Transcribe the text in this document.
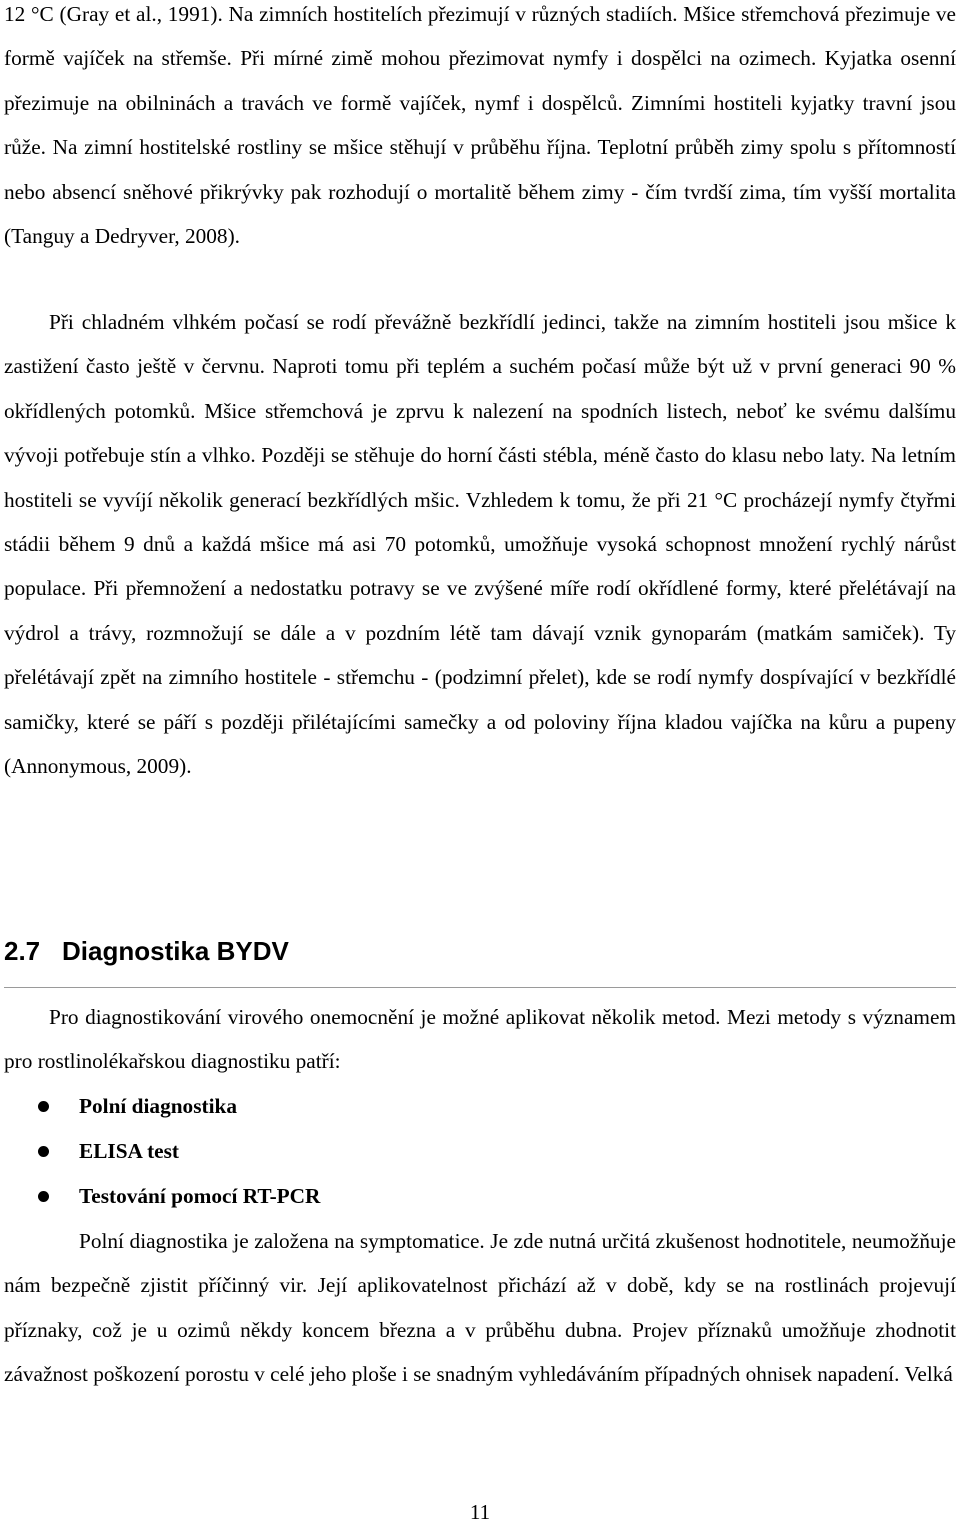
12 °C (Gray et al., 1991). Na zimních hostitelích přezimují v různých stadiích. Mšice střemchová přezimuje ve formě vajíček na střemše. Při mírné zimě mohou přezimovat nymfy i dospělci na ozimech. Kyjatka osenní přezimuje na obilninách a travách ve formě vajíček, nymf i dospělců. Zimními hostiteli kyjatky travní jsou růže. Na zimní hostitelské rostliny se mšice stěhují v průběhu října. Teplotní průběh zimy spolu s přítomností nebo absencí sněhové přikrývky pak rozhodují o mortalitě během zimy - čím tvrdší zima, tím vyšší mortalita (Tanguy a Dedryver, 2008).

Při chladném vlhkém počasí se rodí převážně bezkřídlí jedinci, takže na zimním hostiteli jsou mšice k zastižení často ještě v červnu. Naproti tomu při teplém a suchém počasí může být už v první generaci 90 % okřídlených potomků. Mšice střemchová je zprvu k nalezení na spodních listech, neboť ke svému dalšímu vývoji potřebuje stín a vlhko. Později se stěhuje do horní části stébla, méně často do klasu nebo laty. Na letním hostiteli se vyvíjí několik generací bezkřídlých mšic. Vzhledem k tomu, že při 21 °C procházejí nymfy čtyřmi stádii během 9 dnů a každá mšice má asi 70 potomků, umožňuje vysoká schopnost množení rychlý nárůst populace. Při přemnožení a nedostatku potravy se ve zvýšené míře rodí okřídlené formy, které přelétávají na výdrol a trávy, rozmnožují se dále a v pozdním létě tam dávají vznik gynoparám (matkám samiček). Ty přelétávají zpět na zimního hostitele - střemchu - (podzimní přelet), kde se rodí nymfy dospívající v bezkřídlé samičky, které se páří s později přilétajícími samečky a od poloviny října kladou vajíčka na kůru a pupeny (Annonymous, 2009).

2.7 Diagnostika BYDV

Pro diagnostikování virového onemocnění je možné aplikovat několik metod. Mezi metody s významem pro rostlinolékařskou diagnostiku patří:

Polní diagnostika
ELISA test
Testování pomocí RT-PCR

Polní diagnostika je založena na symptomatice. Je zde nutná určitá zkušenost hodnotitele, neumožňuje nám bezpečně zjistit příčinný vir. Její aplikovatelnost přichází až v době, kdy se na rostlinách projevují příznaky, což je u ozimů někdy koncem března a v průběhu dubna. Projev příznaků umožňuje zhodnotit závažnost poškození porostu v celé jeho ploše i se snadným vyhledáváním případných ohnisek napadení. Velká

11
